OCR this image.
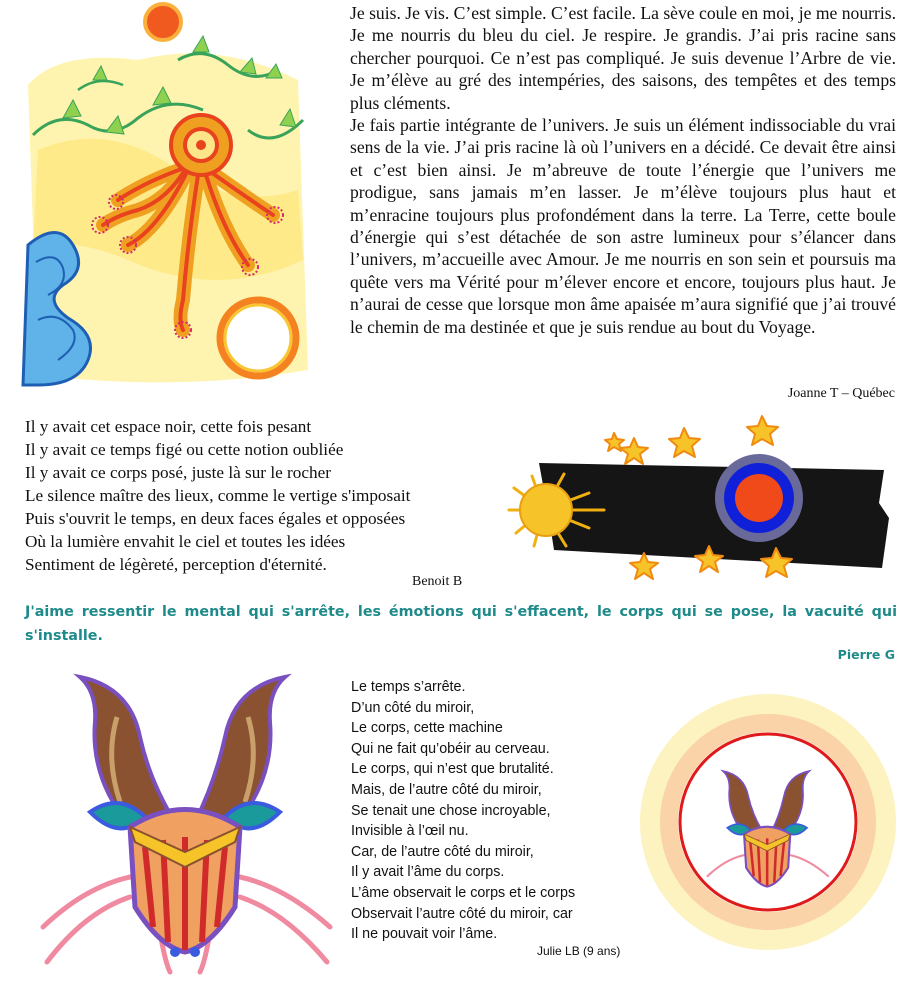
Je suis. Je vis. C’est simple. C’est facile. La sève coule en moi, je me nourris. Je me nourris du bleu du ciel. Je respire. Je grandis. J’ai pris racine sans chercher pourquoi. Ce n’est pas compliqué. Je suis devenue l’Arbre de vie. Je m’élève au gré des intempéries, des saisons, des tempêtes et des temps plus cléments.

Je fais partie intégrante de l’univers. Je suis un élément indissociable du vrai sens de la vie. J’ai pris racine là où l’univers en a décidé. Ce devait être ainsi et c’est bien ainsi. Je m’abreuve de toute l’énergie que l’univers me prodigue, sans jamais m’en lasser. Je m’élève toujours plus haut et m’enracine toujours plus profondément dans la terre. La Terre, cette boule d’énergie qui s’est détachée de son astre lumineux pour s’élancer dans l’univers, m’accueille avec Amour. Je me nourris en son sein et poursuis ma quête vers ma Vérité pour m’élever encore et encore, toujours plus haut. Je n’aurai de cesse que lorsque mon âme apaisée m’aura signifié que j’ai trouvé le chemin de ma destinée et que je suis rendue au bout du Voyage.

Joanne T – Québec
Il y avait cet espace noir, cette fois pesant
Il y avait ce temps figé ou cette notion oubliée
Il y avait ce corps posé, juste là sur le rocher
Le silence maître des lieux, comme le vertige s'imposait
Puis s'ouvrit le temps, en deux faces égales et opposées
Où la lumière envahit le ciel et toutes les idées
Sentiment de légèreté, perception d'éternité.
Benoit B
J'aime ressentir le mental qui s'arrête, les émotions qui s'effacent, le corps qui se pose, la vacuité qui s'installe.
Pierre G
Le temps s’arrête.
D’un côté du miroir,
Le corps, cette machine
Qui ne fait qu’obéir au cerveau.
Le corps, qui n’est que brutalité.
Mais, de l’autre côté du miroir,
Se tenait une chose incroyable,
Invisible à l’œil nu.
Car, de l’autre côté du miroir,
Il y avait l’âme du corps.
L’âme observait le corps et le corps
Observait l’autre côté du miroir, car
Il ne pouvait voir l’âme.
Julie LB (9 ans)
